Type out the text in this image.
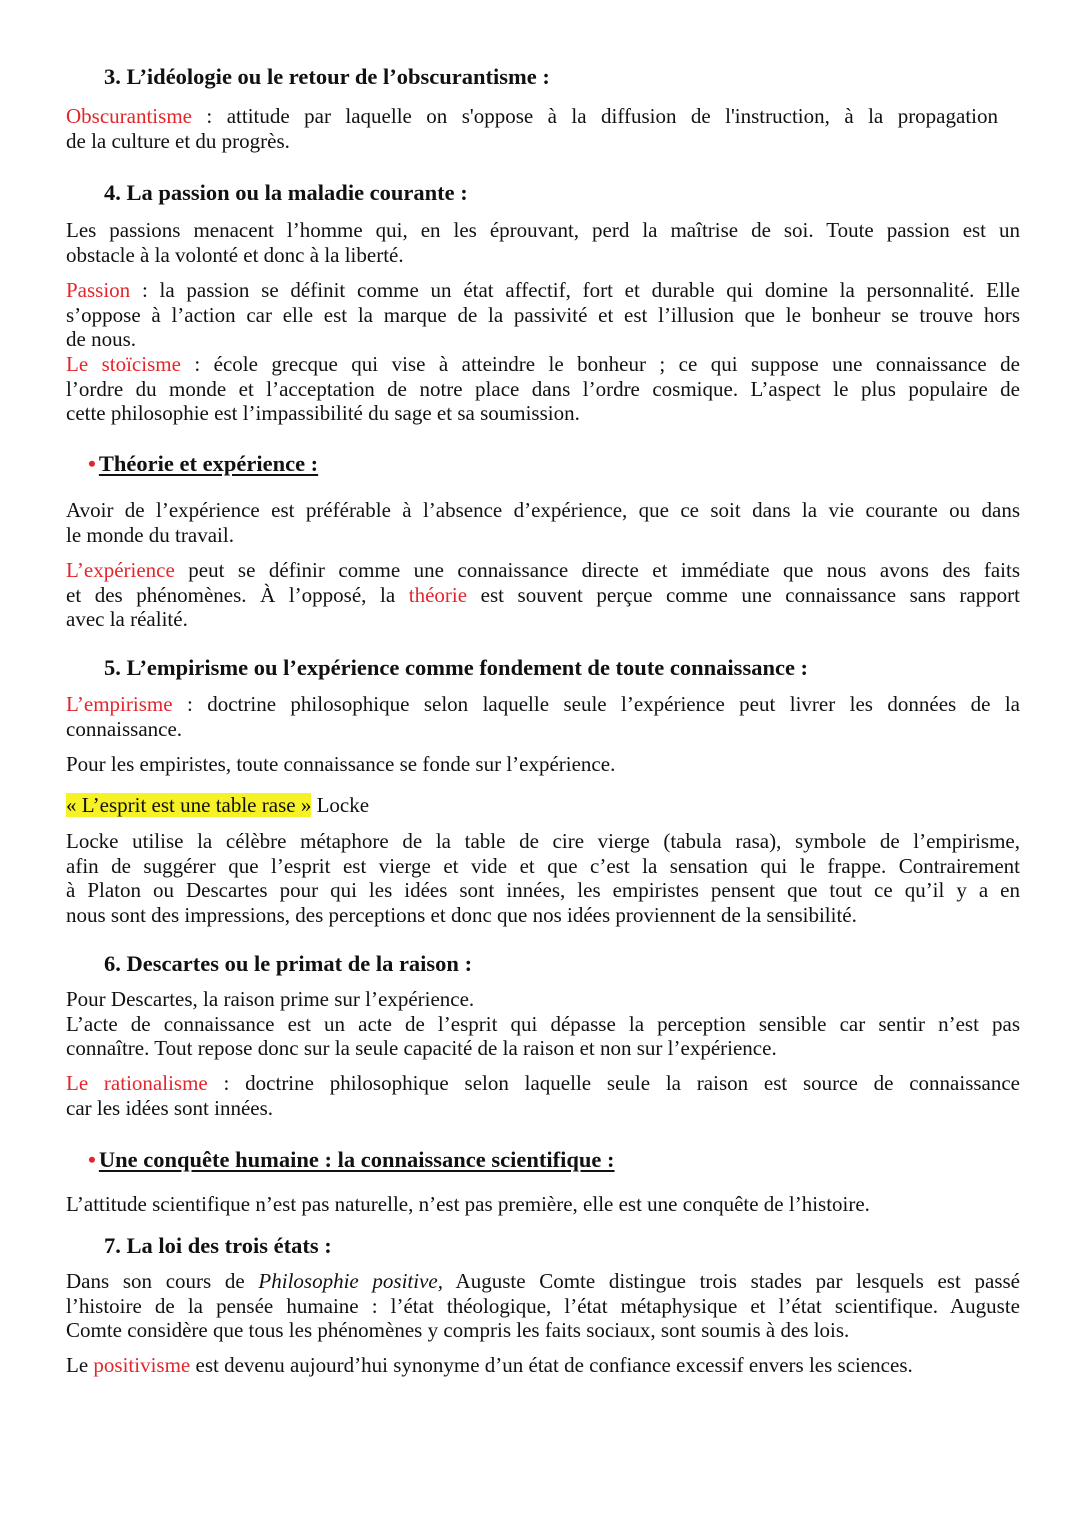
3. L’idéologie ou le retour de l’obscurantisme :
Obscurantisme : attitude par laquelle on s'oppose à la diffusion de l'instruction, à la propagation
de la culture et du progrès.
4. La passion ou la maladie courante :
Les passions menacent l’homme qui, en les éprouvant, perd la maîtrise de soi. Toute passion est un
obstacle à la volonté et donc à la liberté.
Passion : la passion se définit comme un état affectif, fort et durable qui domine la personnalité. Elle
s’oppose à l’action car elle est la marque de la passivité et est l’illusion que le bonheur se trouve hors
de nous.
Le stoïcisme : école grecque qui vise à atteindre le bonheur ; ce qui suppose une connaissance de
l’ordre du monde et l’acceptation de notre place dans l’ordre cosmique. L’aspect le plus populaire de
cette philosophie est l’impassibilité du sage et sa soumission.
• Théorie et expérience :
Avoir de l’expérience est préférable à l’absence d’expérience, que ce soit dans la vie courante ou dans
le monde du travail.
L’expérience peut se définir comme une connaissance directe et immédiate que nous avons des faits
et des phénomènes. À l’opposé, la théorie est souvent perçue comme une connaissance sans rapport
avec la réalité.
5. L’empirisme ou l’expérience comme fondement de toute connaissance :
L’empirisme : doctrine philosophique selon laquelle seule l’expérience peut livrer les données de la
connaissance.
Pour les empiristes, toute connaissance se fonde sur l’expérience.
« L’esprit est une table rase » Locke
Locke utilise la célèbre métaphore de la table de cire vierge (tabula rasa), symbole de l’empirisme,
afin de suggérer que l’esprit est vierge et vide et que c’est la sensation qui le frappe. Contrairement
à Platon ou Descartes pour qui les idées sont innées, les empiristes pensent que tout ce qu’il y a en
nous sont des impressions, des perceptions et donc que nos idées proviennent de la sensibilité.
6. Descartes ou le primat de la raison :
Pour Descartes, la raison prime sur l’expérience.
L’acte de connaissance est un acte de l’esprit qui dépasse la perception sensible car sentir n’est pas
connaître. Tout repose donc sur la seule capacité de la raison et non sur l’expérience.
Le rationalisme : doctrine philosophique selon laquelle seule la raison est source de connaissance
car les idées sont innées.
• Une conquête humaine : la connaissance scientifique :
L’attitude scientifique n’est pas naturelle, n’est pas première, elle est une conquête de l’histoire.
7. La loi des trois états :
Dans son cours de Philosophie positive, Auguste Comte distingue trois stades par lesquels est passé
l’histoire de la pensée humaine : l’état théologique, l’état métaphysique et l’état scientifique. Auguste
Comte considère que tous les phénomènes y compris les faits sociaux, sont soumis à des lois.
Le positivisme est devenu aujourd’hui synonyme d’un état de confiance excessif envers les sciences.
